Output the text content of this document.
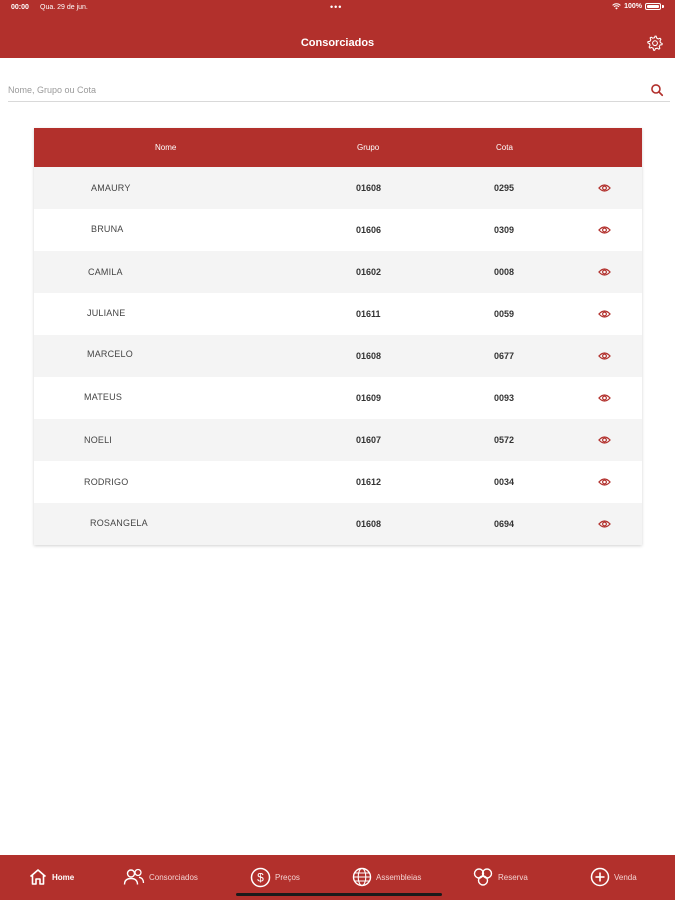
00:00 Qua. 29 de jun.	•••	100%
Consorciados
Nome, Grupo ou Cota
Nome	Grupo	Cota
AMAURY	01608	0295
BRUNA	01606	0309
CAMILA	01602	0008
JULIANE	01611	0059
MARCELO	01608	0677
MATEUS	01609	0093
NOELI	01607	0572
RODRIGO	01612	0034
ROSANGELA	01608	0694
Home	Consorciados	$ Preços	Assembleias	Reserva	Venda
